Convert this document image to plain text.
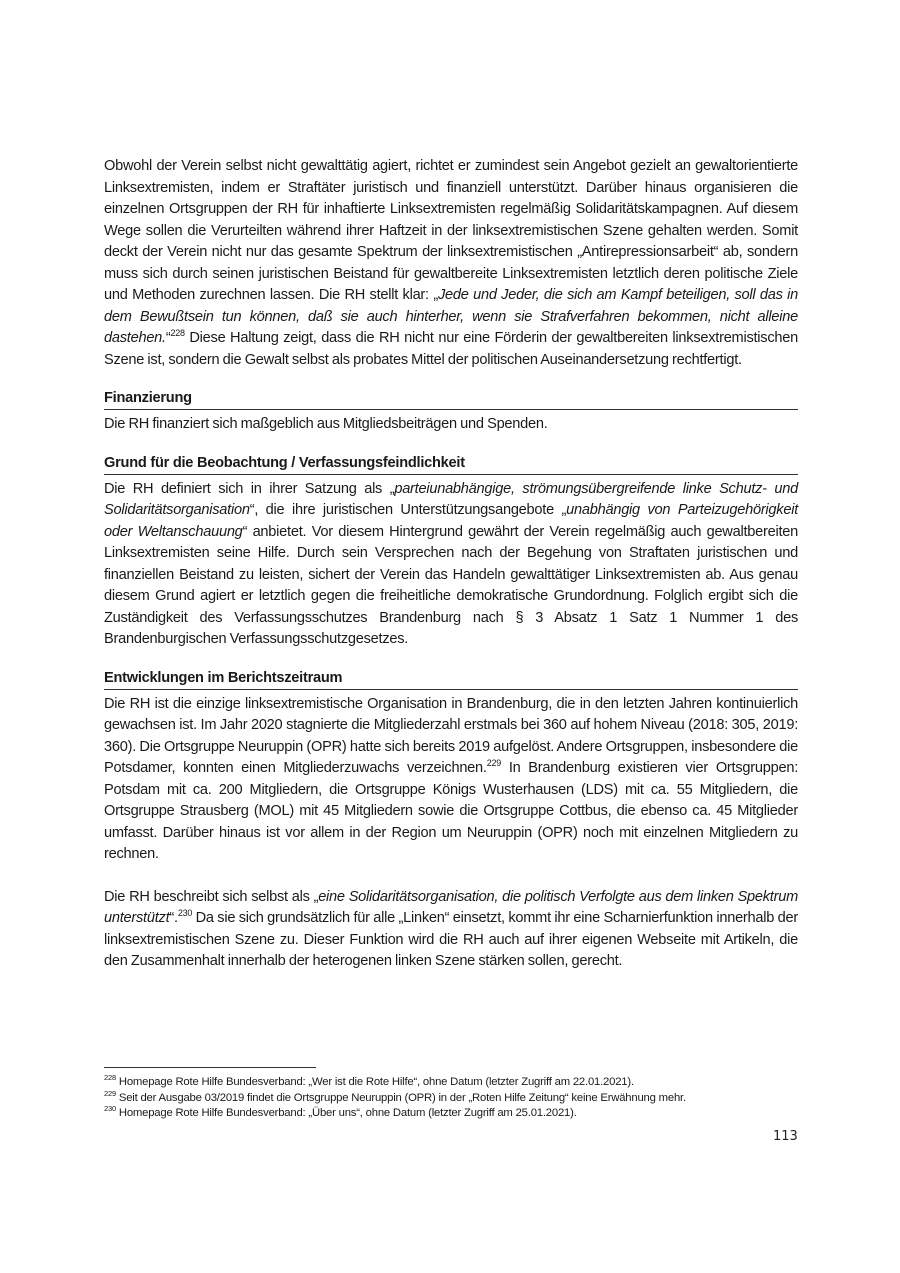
Obwohl der Verein selbst nicht gewalttätig agiert, richtet er zumindest sein Angebot gezielt an gewaltorientierte Linksextremisten, indem er Straftäter juristisch und finanziell unterstützt. Darüber hinaus organisieren die einzelnen Ortsgruppen der RH für inhaftierte Linksextremisten regelmäßig Solidaritätskampagnen. Auf diesem Wege sollen die Verurteilten während ihrer Haftzeit in der linksextremistischen Szene gehalten werden. Somit deckt der Verein nicht nur das gesamte Spektrum der linksextremistischen „Antirepressionsarbeit“ ab, sondern muss sich durch seinen juristischen Beistand für gewaltbereite Linksextremisten letztlich deren politische Ziele und Methoden zurechnen lassen. Die RH stellt klar: „Jede und Jeder, die sich am Kampf beteiligen, soll das in dem Bewußtsein tun können, daß sie auch hinterher, wenn sie Strafverfahren bekommen, nicht alleine dastehen.“$^{228}$ Diese Haltung zeigt, dass die RH nicht nur eine Förderin der gewaltbereiten linksextremistischen Szene ist, sondern die Gewalt selbst als probates Mittel der politischen Auseinandersetzung rechtfertigt.

Finanzierung

Die RH finanziert sich maßgeblich aus Mitgliedsbeiträgen und Spenden.

Grund für die Beobachtung / Verfassungsfeindlichkeit

Die RH definiert sich in ihrer Satzung als „parteiunabhängige, strömungsübergreifende linke Schutz- und Solidaritätsorganisation“, die ihre juristischen Unterstützungsangebote „unabhängig von Parteizugehörigkeit oder Weltanschauung“ anbietet. Vor diesem Hintergrund gewährt der Verein regelmäßig auch gewaltbereiten Linksextremisten seine Hilfe. Durch sein Versprechen nach der Begehung von Straftaten juristischen und finanziellen Beistand zu leisten, sichert der Verein das Handeln gewalttätiger Linksextremisten ab. Aus genau diesem Grund agiert er letztlich gegen die freiheitliche demokratische Grundordnung. Folglich ergibt sich die Zuständigkeit des Verfassungsschutzes Brandenburg nach § 3 Absatz 1 Satz 1 Nummer 1 des Brandenburgischen Verfassungsschutzgesetzes.

Entwicklungen im Berichtszeitraum

Die RH ist die einzige linksextremistische Organisation in Brandenburg, die in den letzten Jahren kontinuierlich gewachsen ist. Im Jahr 2020 stagnierte die Mitgliederzahl erstmals bei 360 auf hohem Niveau (2018: 305, 2019: 360). Die Ortsgruppe Neuruppin (OPR) hatte sich bereits 2019 aufgelöst. Andere Ortsgruppen, insbesondere die Potsdamer, konnten einen Mitgliederzuwachs verzeichnen.$^{229}$ In Brandenburg existieren vier Ortsgruppen: Potsdam mit ca. 200 Mitgliedern, die Ortsgruppe Königs Wusterhausen (LDS) mit ca. 55 Mitgliedern, die Ortsgruppe Strausberg (MOL) mit 45 Mitgliedern sowie die Ortsgruppe Cottbus, die ebenso ca. 45 Mitglieder umfasst. Darüber hinaus ist vor allem in der Region um Neuruppin (OPR) noch mit einzelnen Mitgliedern zu rechnen.

Die RH beschreibt sich selbst als „eine Solidaritätsorganisation, die politisch Verfolgte aus dem linken Spektrum unterstützt“.$^{230}$ Da sie sich grundsätzlich für alle „Linken“ einsetzt, kommt ihr eine Scharnierfunktion innerhalb der linksextremistischen Szene zu. Dieser Funktion wird die RH auch auf ihrer eigenen Webseite mit Artikeln, die den Zusammenhalt innerhalb der heterogenen linken Szene stärken sollen, gerecht.

$^{228}$ Homepage Rote Hilfe Bundesverband: „Wer ist die Rote Hilfe“, ohne Datum (letzter Zugriff am 22.01.2021).

$^{229}$ Seit der Ausgabe 03/2019 findet die Ortsgruppe Neuruppin (OPR) in der „Roten Hilfe Zeitung“ keine Erwähnung mehr.

$^{230}$ Homepage Rote Hilfe Bundesverband: „Über uns“, ohne Datum (letzter Zugriff am 25.01.2021).

113
